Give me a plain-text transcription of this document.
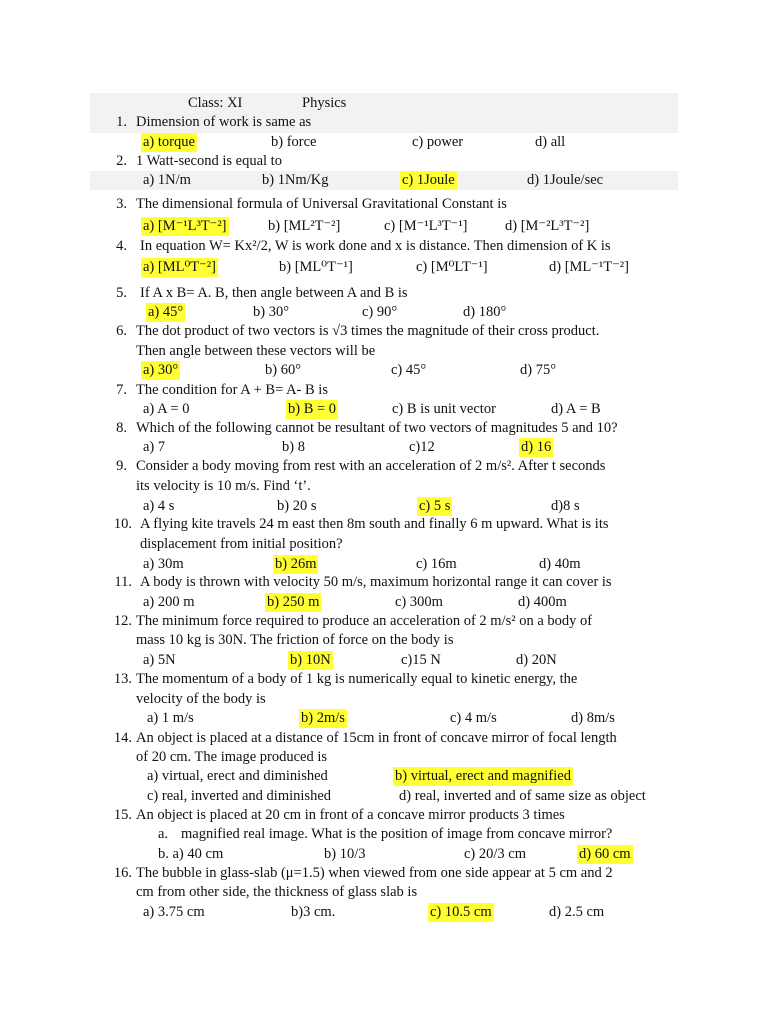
Class: XI	Physics
1. Dimension of work is same as
a) torque	b) force	c) power	d) all
2. 1 Watt-second is equal to
a) 1N/m	b) 1Nm/Kg	c) 1Joule	d) 1Joule/sec
3. The dimensional formula of Universal Gravitational Constant is
a) [M⁻¹L³T⁻²]	b) [ML²T⁻²]	c) [M⁻¹L³T⁻¹]	d) [M⁻²L³T⁻²]
4. In equation W= Kx²/2, W is work done and x is distance. Then dimension of K is
a) [ML⁰T⁻²]	b) [ML⁰T⁻¹]	c) [M⁰LT⁻¹]	d) [ML⁻¹T⁻²]
5. If A x B= A. B, then angle between A and B is
a) 45°	b) 30°	c) 90°	d) 180°
6. The dot product of two vectors is √3 times the magnitude of their cross product.
Then angle between these vectors will be
a) 30°	b) 60°	c) 45°	d) 75°
7. The condition for A + B= A- B is
a) A = 0	b) B = 0	c) B is unit vector	d) A = B
8. Which of the following cannot be resultant of two vectors of magnitudes 5 and 10?
a) 7	b) 8	c)12	d) 16
9. Consider a body moving from rest with an acceleration of 2 m/s². After t seconds
its velocity is 10 m/s. Find ‘t’.
a) 4 s	b) 20 s	c) 5 s	d)8 s
10. A flying kite travels 24 m east then 8m south and finally 6 m upward. What is its
displacement from initial position?
a) 30m	b) 26m	c) 16m	d) 40m
11. A body is thrown with velocity 50 m/s, maximum horizontal range it can cover is
a) 200 m	b) 250 m	c) 300m	d) 400m
12. The minimum force required to produce an acceleration of 2 m/s² on a body of
mass 10 kg is 30N. The friction of force on the body is
a) 5N	b) 10N	c)15 N	d) 20N
13. The momentum of a body of 1 kg is numerically equal to kinetic energy, the
velocity of the body is
a) 1 m/s	b) 2m/s	c) 4 m/s	d) 8m/s
14. An object is placed at a distance of 15cm in front of concave mirror of focal length
of 20 cm. The image produced is
a) virtual, erect and diminished	b) virtual, erect and magnified
c) real, inverted and diminished	d) real, inverted and of same size as object
15. An object is placed at 20 cm in front of a concave mirror products 3 times
a. magnified real image. What is the position of image from concave mirror?
b. a) 40 cm	b) 10/3	c) 20/3 cm	d) 60 cm
16. The bubble in glass-slab (μ=1.5) when viewed from one side appear at 5 cm and 2
cm from other side, the thickness of glass slab is
a) 3.75 cm	b)3 cm.	c) 10.5 cm	d) 2.5 cm
